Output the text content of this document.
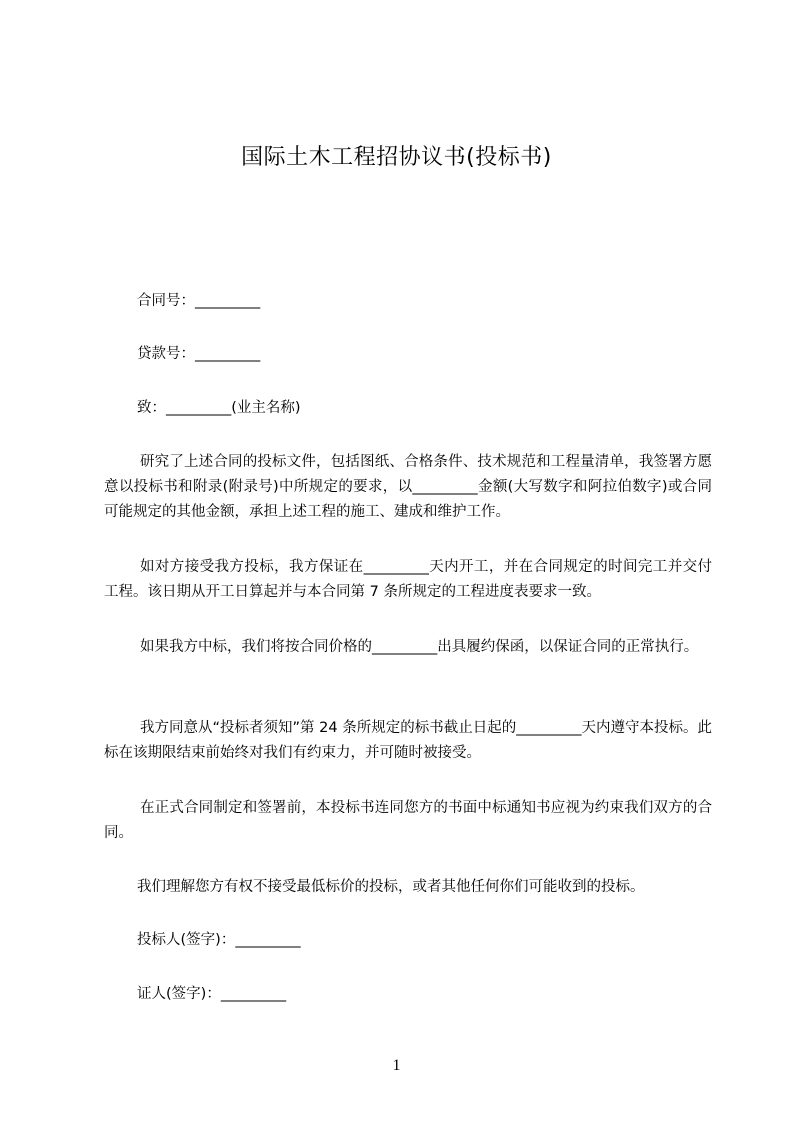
国际土木工程招协议书(投标书)
合同号：_________
贷款号：_________
致：_________(业主名称)

研究了上述合同的投标文件，包括图纸、合格条件、技术规范和工程量清单，我签署方愿意以投标书和附录(附录号)中所规定的要求，以_________金额(大写数字和阿拉伯数字)或合同可能规定的其他金额，承担上述工程的施工、建成和维护工作。

如对方接受我方投标，我方保证在_________天内开工，并在合同规定的时间完工并交付工程。该日期从开工日算起并与本合同第 7 条所规定的工程进度表要求一致。

如果我方中标，我们将按合同价格的_________出具履约保函，以保证合同的正常执行。

我方同意从“投标者须知”第 24 条所规定的标书截止日起的_________天内遵守本投标。此标在该期限结束前始终对我们有约束力，并可随时被接受。

在正式合同制定和签署前，本投标书连同您方的书面中标通知书应视为约束我们双方的合同。

我们理解您方有权不接受最低标价的投标，或者其他任何你们可能收到的投标。
投标人(签字)：_________
证人(签字)：_________
1
